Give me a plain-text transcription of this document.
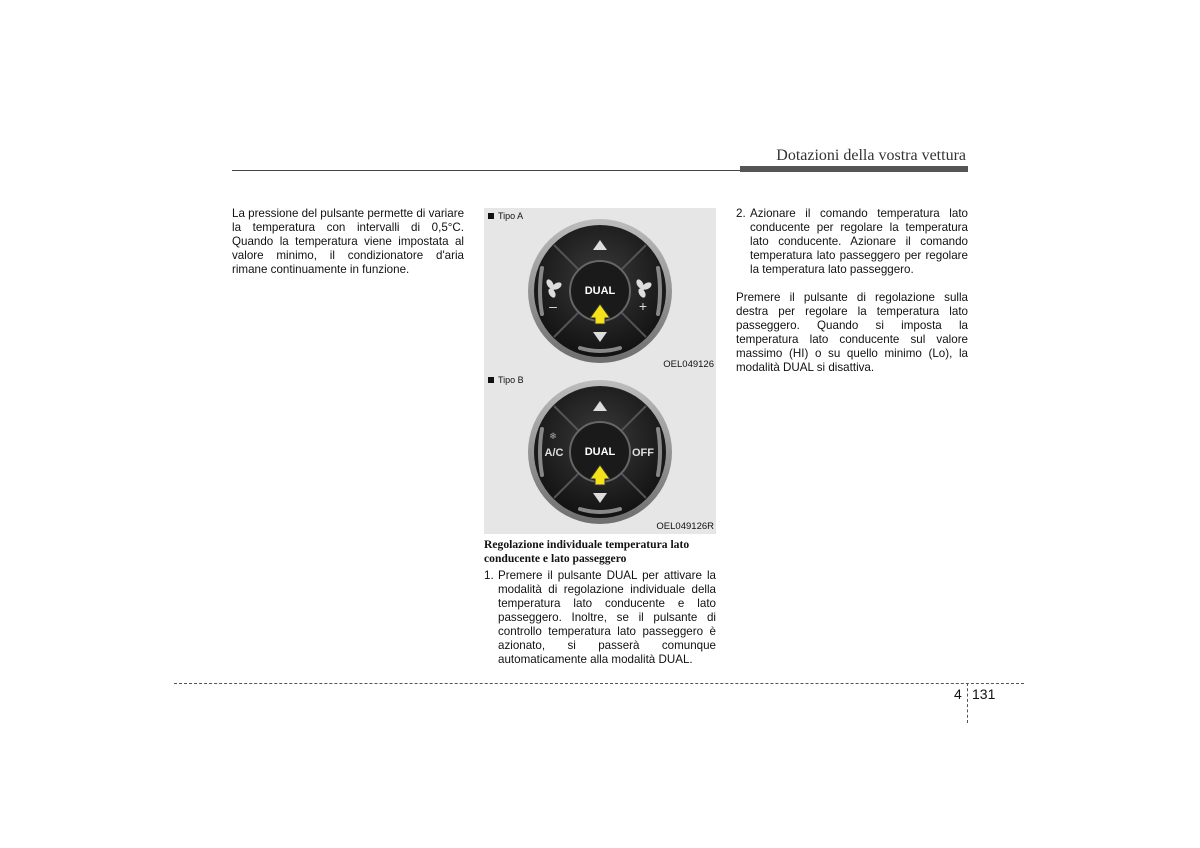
Dotazioni della vostra vettura

La pressione del pulsante permette di variare la temperatura con intervalli di 0,5°C. Quando la temperatura viene impostata al valore minimo, il condizionatore d'aria rimane continuamente in funzione.

DUAL
–	+
Tipo A
OEL049126
DUAL
A/C
❄
OFF
Tipo B
OEL049126R
Regolazione individuale temperatura lato conducente e lato passeggero
1. Premere il pulsante DUAL per attivare la modalità di regolazione individuale della temperatura lato conducente e lato passeggero. Inoltre, se il pulsante di controllo temperatura lato passeggero è azionato, si passerà comunque automaticamente alla modalità DUAL.
2. Azionare il comando temperatura lato conducente per regolare la temperatura lato conducente. Azionare il comando temperatura lato passeggero per regolare la temperatura lato passeggero.

Premere il pulsante di regolazione sulla destra per regolare la temperatura lato passeggero. Quando si imposta la temperatura lato conducente sul valore massimo (HI) o su quello minimo (Lo), la modalità DUAL si disattiva.

4 131
